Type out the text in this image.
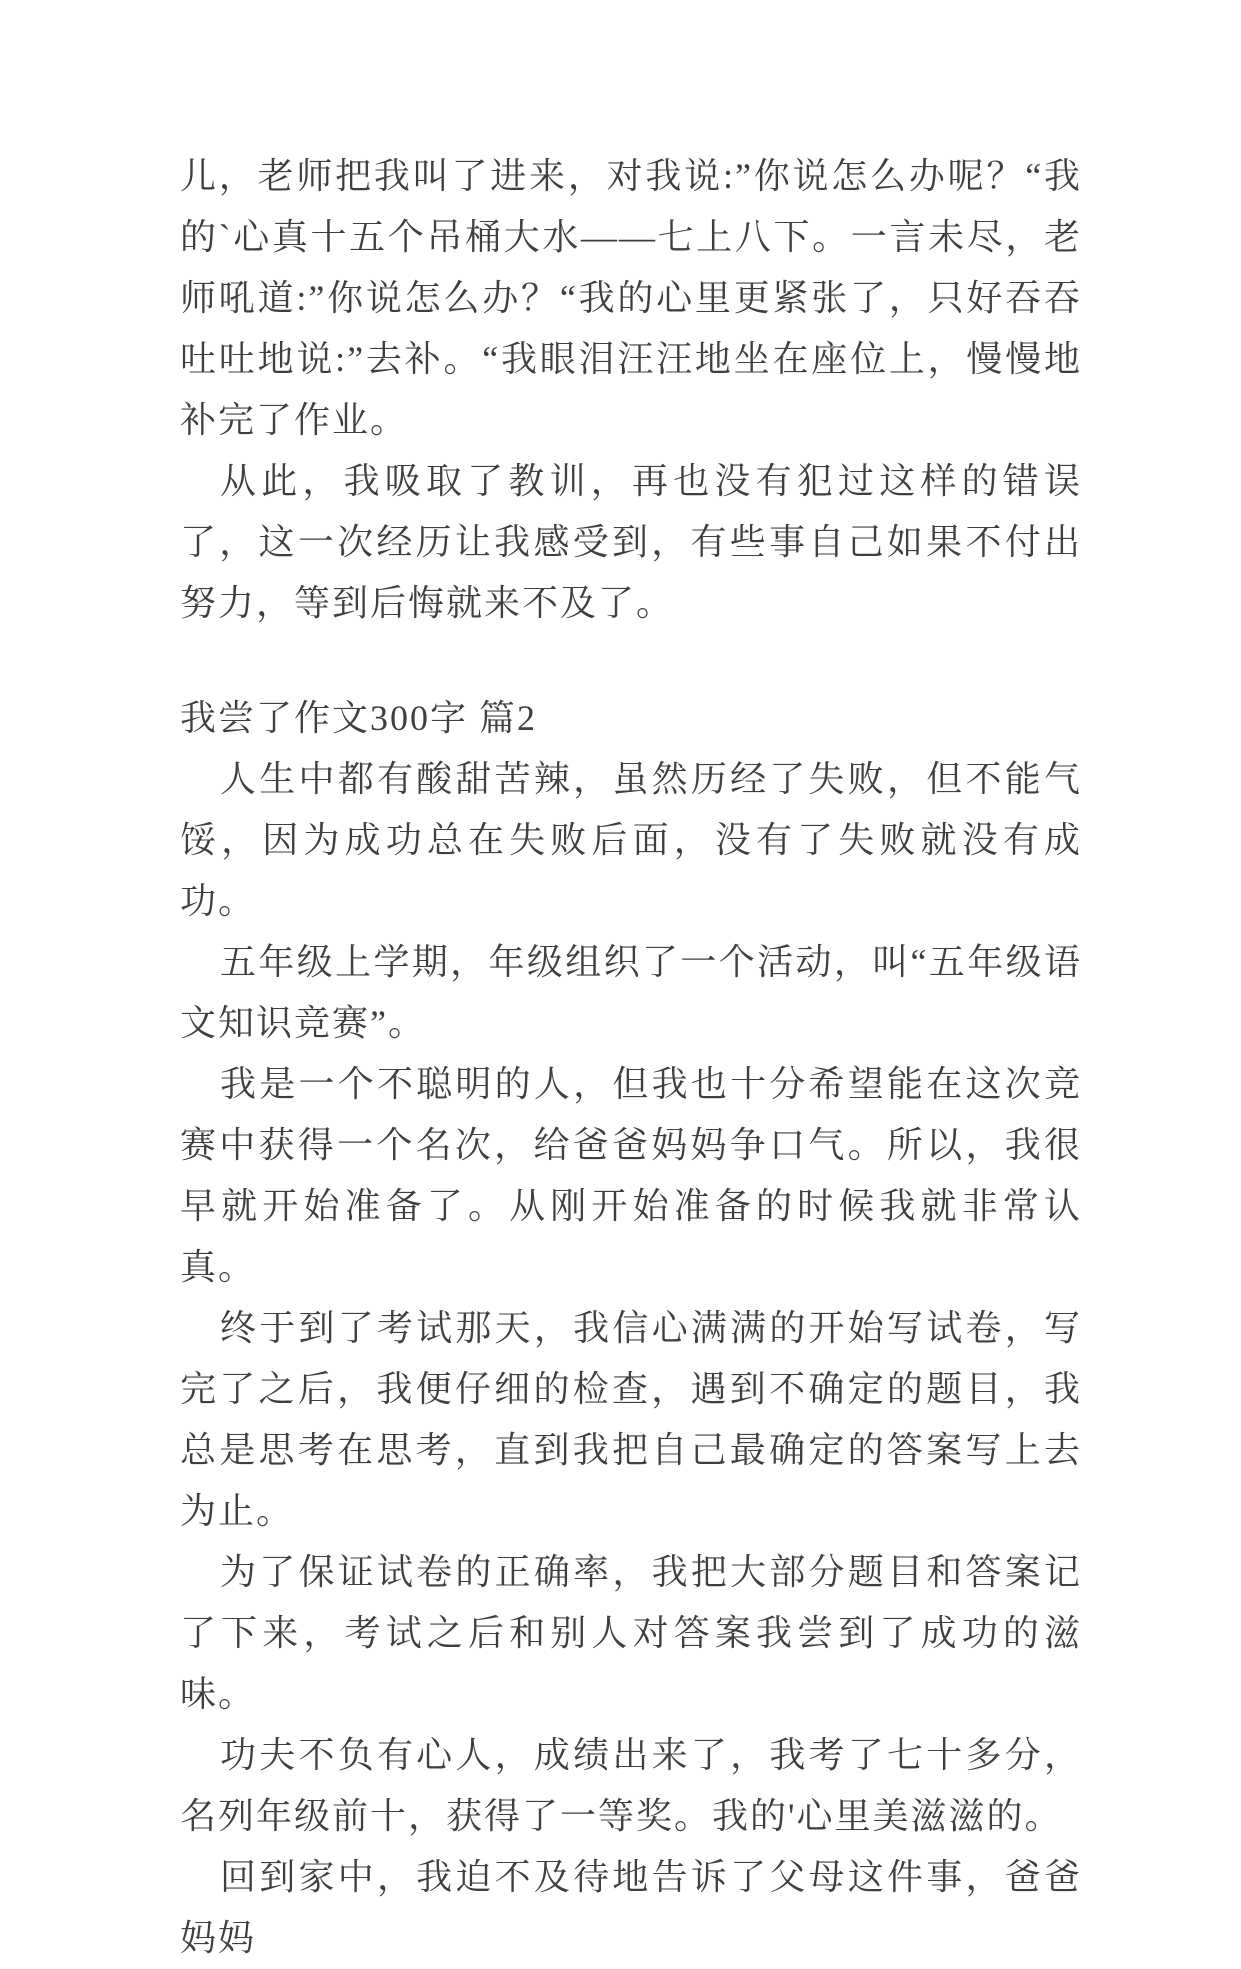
儿，老师把我叫了进来，对我说:”你说怎么办呢？“我的`心真十五个吊桶大水——七上八下。一言未尽，老师吼道:”你说怎么办？“我的心里更紧张了，只好吞吞吐吐地说:”去补。“我眼泪汪汪地坐在座位上，慢慢地补完了作业。

从此，我吸取了教训，再也没有犯过这样的错误了，这一次经历让我感受到，有些事自己如果不付出努力，等到后悔就来不及了。

我尝了作文300字 篇2

人生中都有酸甜苦辣，虽然历经了失败，但不能气馁，因为成功总在失败后面，没有了失败就没有成功。

五年级上学期，年级组织了一个活动，叫“五年级语文知识竞赛”。

我是一个不聪明的人，但我也十分希望能在这次竞赛中获得一个名次，给爸爸妈妈争口气。所以，我很早就开始准备了。从刚开始准备的时候我就非常认真。

终于到了考试那天，我信心满满的开始写试卷，写完了之后，我便仔细的检查，遇到不确定的题目，我总是思考在思考，直到我把自己最确定的答案写上去为止。

为了保证试卷的正确率，我把大部分题目和答案记了下来，考试之后和别人对答案我尝到了成功的滋味。

功夫不负有心人，成绩出来了，我考了七十多分，名列年级前十，获得了一等奖。我的'心里美滋滋的。

回到家中，我迫不及待地告诉了父母这件事，爸爸妈妈
